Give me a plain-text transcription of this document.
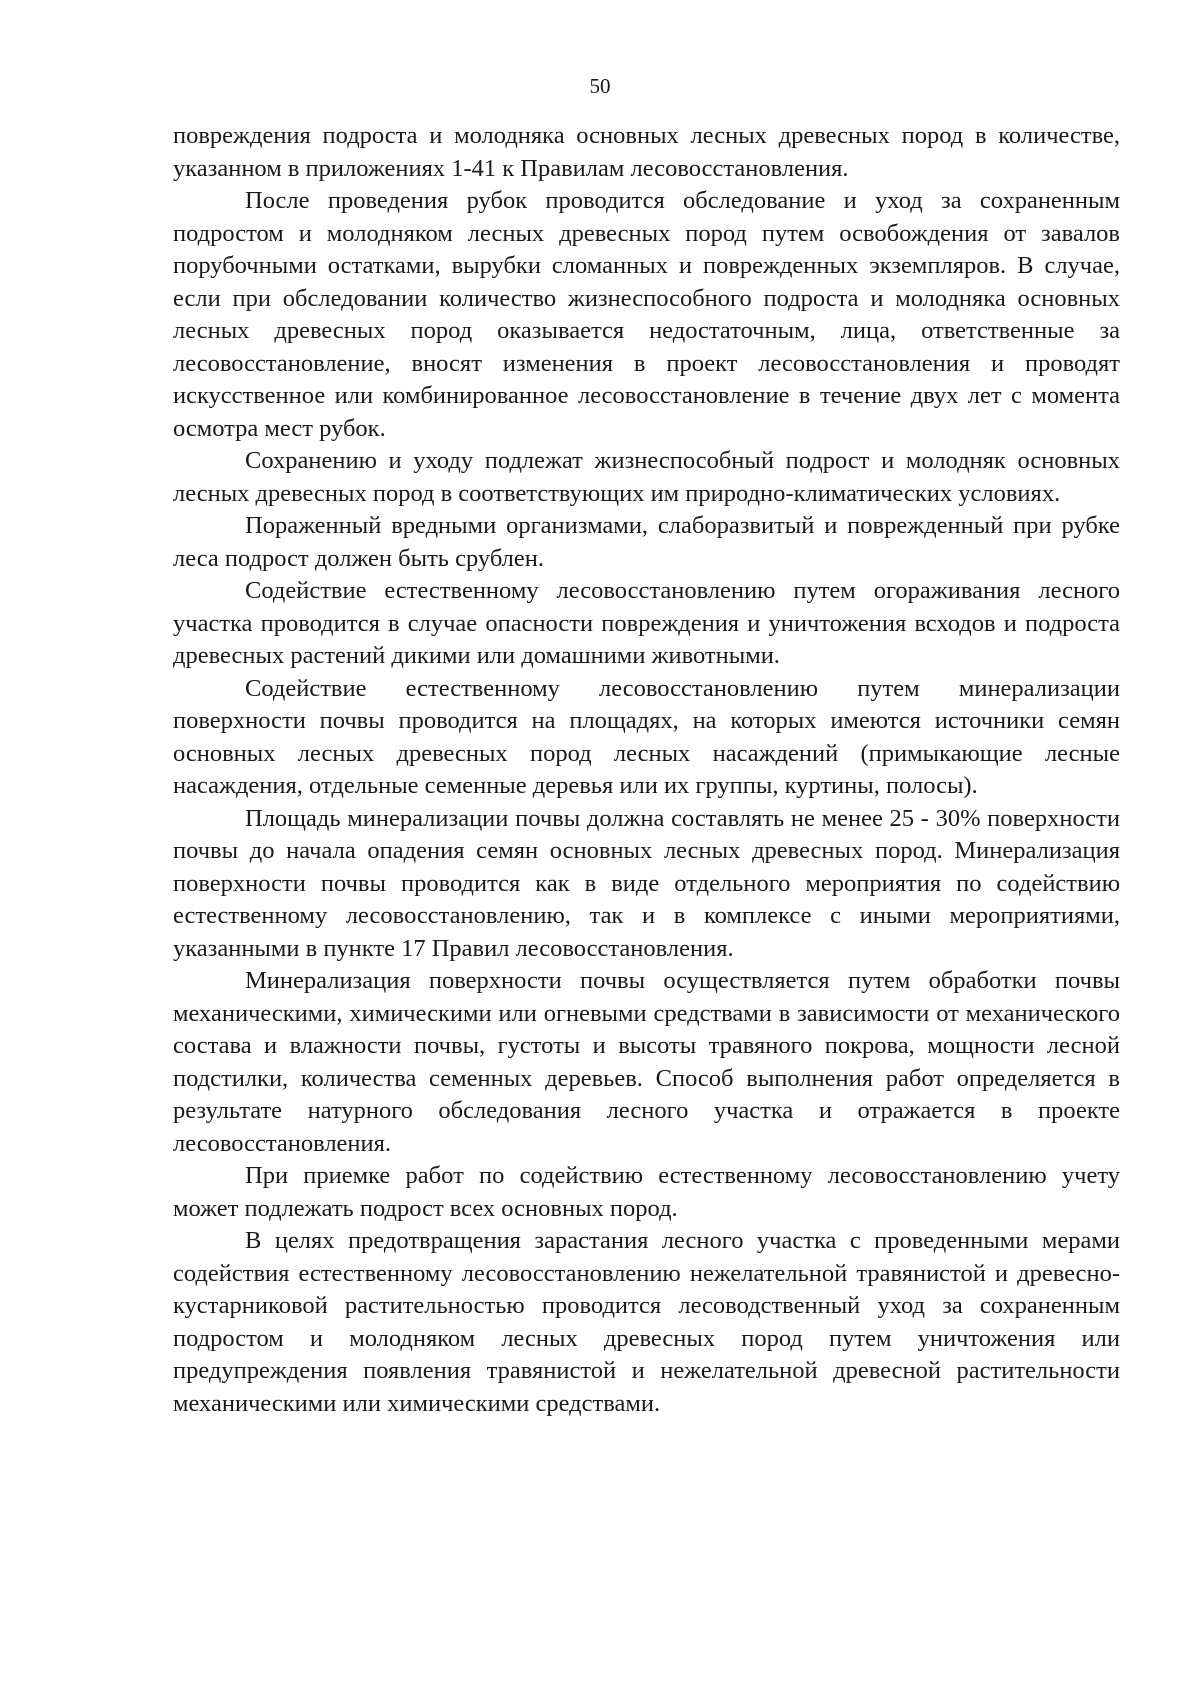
50

повреждения подроста и молодняка основных лесных древесных пород в количестве, указанном в приложениях 1-41 к Правилам лесовосстановления.

После проведения рубок проводится обследование и уход за сохраненным подростом и молодняком лесных древесных пород путем освобождения от завалов порубочными остатками, вырубки сломанных и поврежденных экземпляров. В случае, если при обследовании количество жизнеспособного подроста и молодняка основных лесных древесных пород оказывается недостаточным, лица, ответственные за лесовосстановление, вносят изменения в проект лесовосстановления и проводят искусственное или комбинированное лесовосстановление в течение двух лет с момента осмотра мест рубок.

Сохранению и уходу подлежат жизнеспособный подрост и молодняк основных лесных древесных пород в соответствующих им природно-климатических условиях.

Пораженный вредными организмами, слаборазвитый и поврежденный при рубке леса подрост должен быть срублен.

Содействие естественному лесовосстановлению путем огораживания лесного участка проводится в случае опасности повреждения и уничтожения всходов и подроста древесных растений дикими или домашними животными.

Содействие естественному лесовосстановлению путем минерализации поверхности почвы проводится на площадях, на которых имеются источники семян основных лесных древесных пород лесных насаждений (примыкающие лесные насаждения, отдельные семенные деревья или их группы, куртины, полосы).

Площадь минерализации почвы должна составлять не менее 25 - 30% поверхности почвы до начала опадения семян основных лесных древесных пород. Минерализация поверхности почвы проводится как в виде отдельного мероприятия по содействию естественному лесовосстановлению, так и в комплексе с иными мероприятиями, указанными в пункте 17 Правил лесовосстановления.

Минерализация поверхности почвы осуществляется путем обработки почвы механическими, химическими или огневыми средствами в зависимости от механического состава и влажности почвы, густоты и высоты травяного покрова, мощности лесной подстилки, количества семенных деревьев. Способ выполнения работ определяется в результате натурного обследования лесного участка и отражается в проекте лесовосстановления.

При приемке работ по содействию естественному лесовосстановлению учету может подлежать подрост всех основных пород.

В целях предотвращения зарастания лесного участка с проведенными мерами содействия естественному лесовосстановлению нежелательной травянистой и древесно-кустарниковой растительностью проводится лесоводственный уход за сохраненным подростом и молодняком лесных древесных пород путем уничтожения или предупреждения появления травянистой и нежелательной древесной растительности механическими или химическими средствами.
